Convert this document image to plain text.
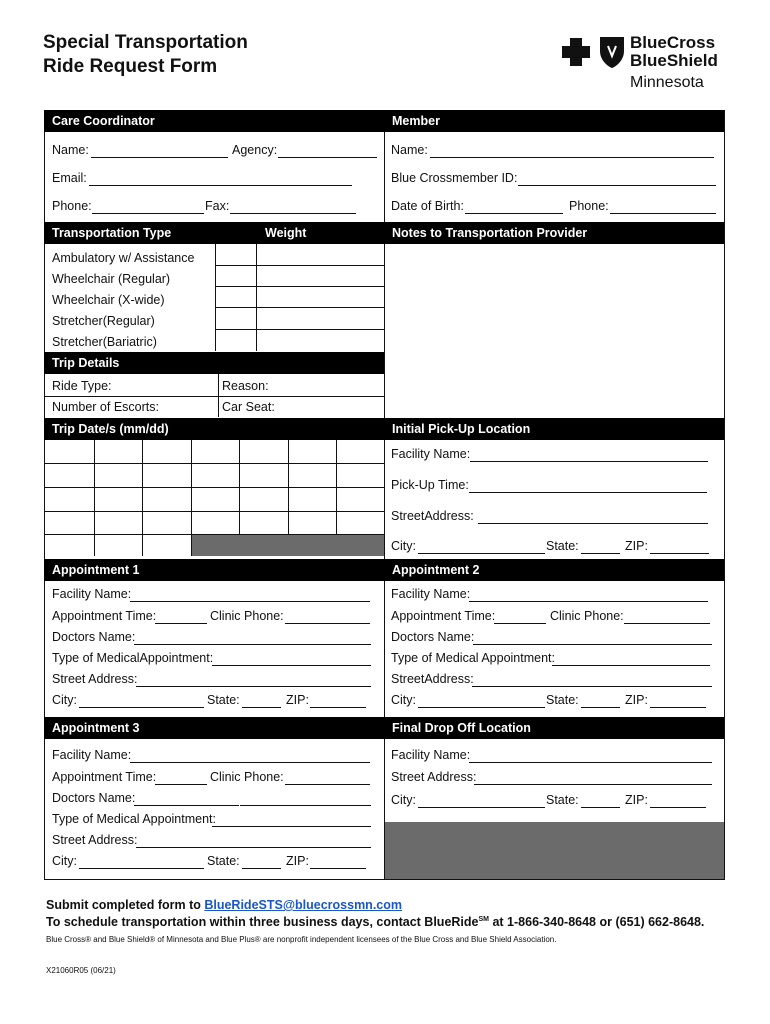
Special Transportation
Ride Request Form
BlueCross
BlueShield
Minnesota
Care Coordinator
Name:	Agency:
Email:
Phone:	Fax:
Member
Name:
Blue Crossmember ID:
Date of Birth:	Phone:
Transportation Type	Weight
Ambulatory w/ Assistance
Wheelchair (Regular)
Wheelchair (X-wide)
Stretcher(Regular)
Stretcher(Bariatric)
Notes to Transportation Provider
Trip Details
Ride Type:	Reason:
Number of Escorts:	Car Seat:
Trip Date/s (mm/dd)	Initial Pick-Up Location
Facility Name:
Pick-Up Time:
StreetAddress:
City:	State:	ZIP:
Appointment 1
Facility Name:
Appointment Time:	Clinic Phone:
Doctors Name:
Type of MedicalAppointment:
Street Address:
City:	State:	ZIP:
Appointment 2
Facility Name:
Appointment Time:	Clinic Phone:
Doctors Name:
Type of Medical Appointment:
StreetAddress:
City:	State:	ZIP:
Appointment 3
Facility Name:
Appointment Time:	Clinic Phone:
Doctors Name:
Type of Medical Appointment:
Street Address:
City:	State:	ZIP:
Final Drop Off Location
Facility Name:
Street Address:
City:	State:	ZIP:
Submit completed form to BlueRideSTS@bluecrossmn.com
To schedule transportation within three business days, contact BlueRide℠ at 1-866-340-8648 or (651) 662-8648.
Blue Cross® and Blue Shield® of Minnesota and Blue Plus® are nonprofit independent licensees of the Blue Cross and Blue Shield Association.
X21060R05 (06/21)
